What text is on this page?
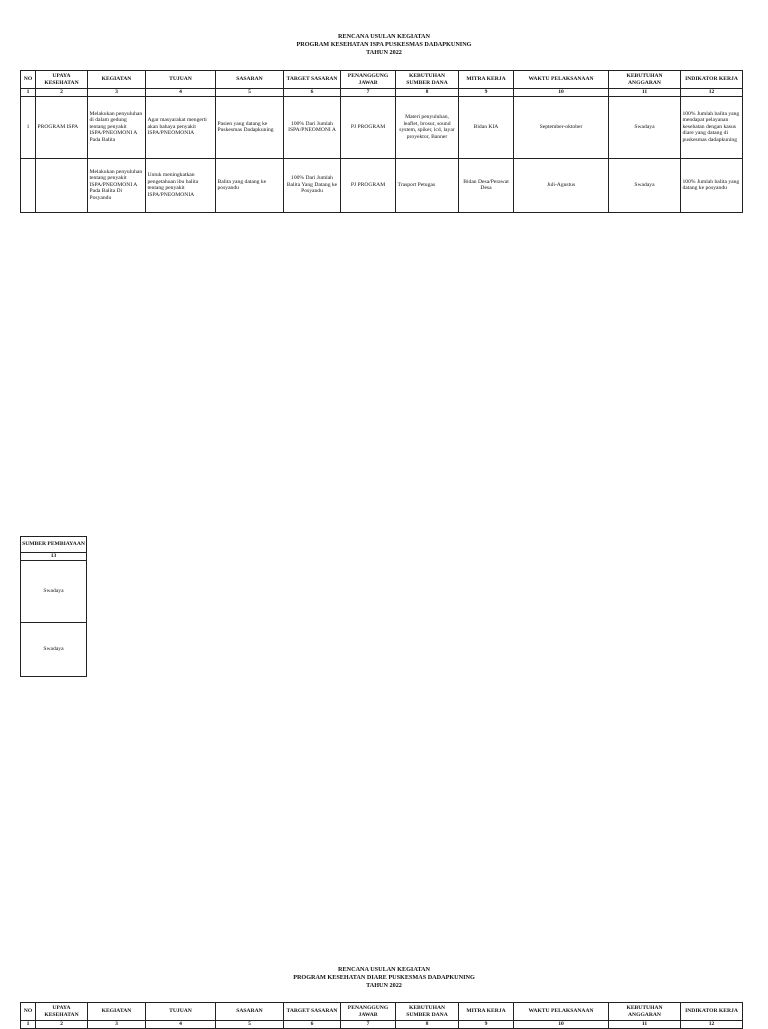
RENCANA USULAN KEGIATAN
PROGRAM KESEHATAN ISPA PUSKESMAS DADAPKUNING
TAHUN 2022
NO	UPAYA KESEHATAN	KEGIATAN	TUJUAN	SASARAN	TARGET SASARAN	PENANGGUNG JAWAB	KEBUTUHAN SUMBER DANA	MITRA KERJA	WAKTU PELAKSANAAN	KEBUTUHAN ANGGARAN	INDIKATOR KERJA
1	2	3	4	5	6	7	8	9	10	11	12
1	PROGRAM ISPA	Melakukan penyuluhan di dalam gedung tentang penyakit ISPA/PNEOMONI A Pada Balita	Agar masyarakat mengerti akan bahaya penyakit ISPA/PNEOMONIA	Pasien yang datang ke Puskesmas Dadapkuning	100% Dari Jumlah ISPA/PNEOMONI A	PJ PROGRAM	Materi penyuluhan, leaflet, brosur, sound system, spiker, lcd, layar proyektor, Banner	Bidan KIA	September-oktober	Swadaya	100% Jumlah balita yang mendapat pelayanan kesehatan dengan kasus diare yang datang di puskesmas dadapkuning
		Melakukan penyuluhan tentang penyakit ISPA/PNEOMONI A Pada Balita Di Posyandu	Untuk meningkatkan pengetahuan ibu balita tentang penyakit ISPA/PNEOMONIA	Balita yang datang ke posyandu	100% Dari Jumlah Balita Yang Datang ke Posyandu	PJ PROGRAM	Trasport Petugas	Bidan Desa/Perawat Desa	Juli-Agustus	Swadaya	100% Jumlah balita yang datang ke posyandu
SUMBER PEMBIAYAAN
13
Swadaya
Swadaya
RENCANA USULAN KEGIATAN
PROGRAM KESEHATAN DIARE PUSKESMAS DADAPKUNING
TAHUN 2022
NO	UPAYA KESEHATAN	KEGIATAN	TUJUAN	SASARAN	TARGET SASARAN	PENANGGUNG JAWAB	KEBUTUHAN SUMBER DANA	MITRA KERJA	WAKTU PELAKSANAAN	KEBUTUHAN ANGGARAN	INDIKATOR KERJA
1	2	3	4	5	6	7	8	9	10	11	12
